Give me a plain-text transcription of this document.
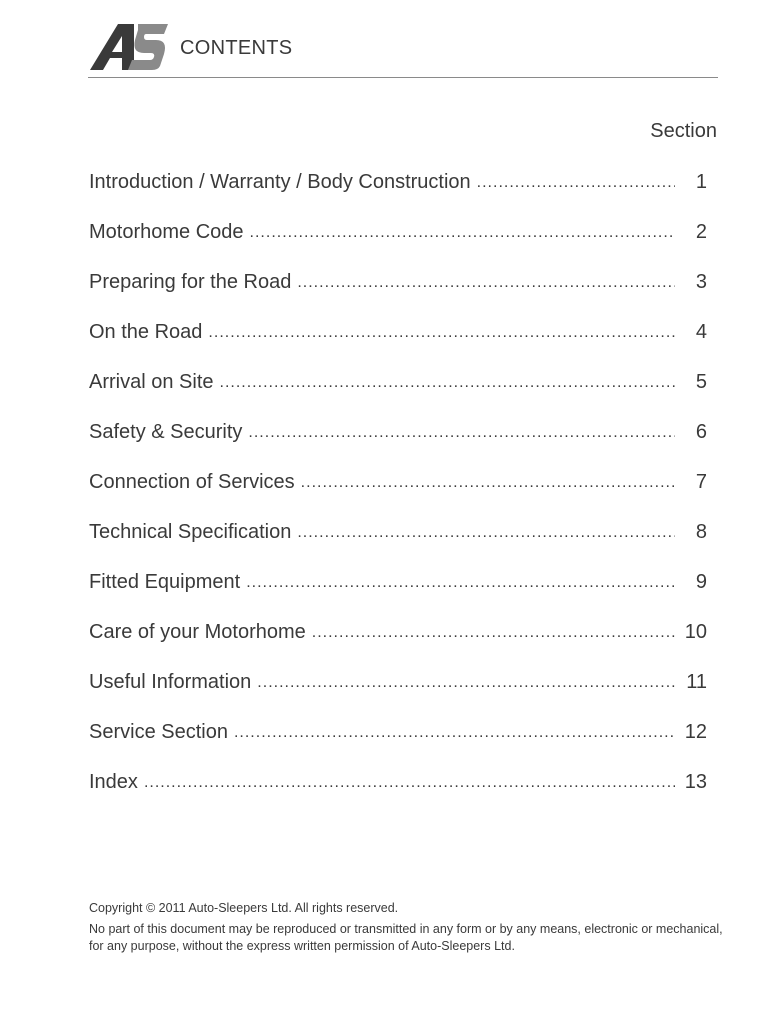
CONTENTS
Section
Introduction / Warranty / Body Construction .....	1
Motorhome Code .....	2
Preparing for the Road .....	3
On the Road .....	4
Arrival on Site .....	5
Safety & Security .....	6
Connection of Services .....	7
Technical Specification .....	8
Fitted Equipment .....	9
Care of your Motorhome .....	10
Useful Information .....	11
Service Section .....	12
Index .....	13

Copyright © 2011 Auto-Sleepers Ltd. All rights reserved.

No part of this document may be reproduced or transmitted in any form or by any means, electronic or mechanical, for any purpose, without the express written permission of Auto-Sleepers Ltd.
